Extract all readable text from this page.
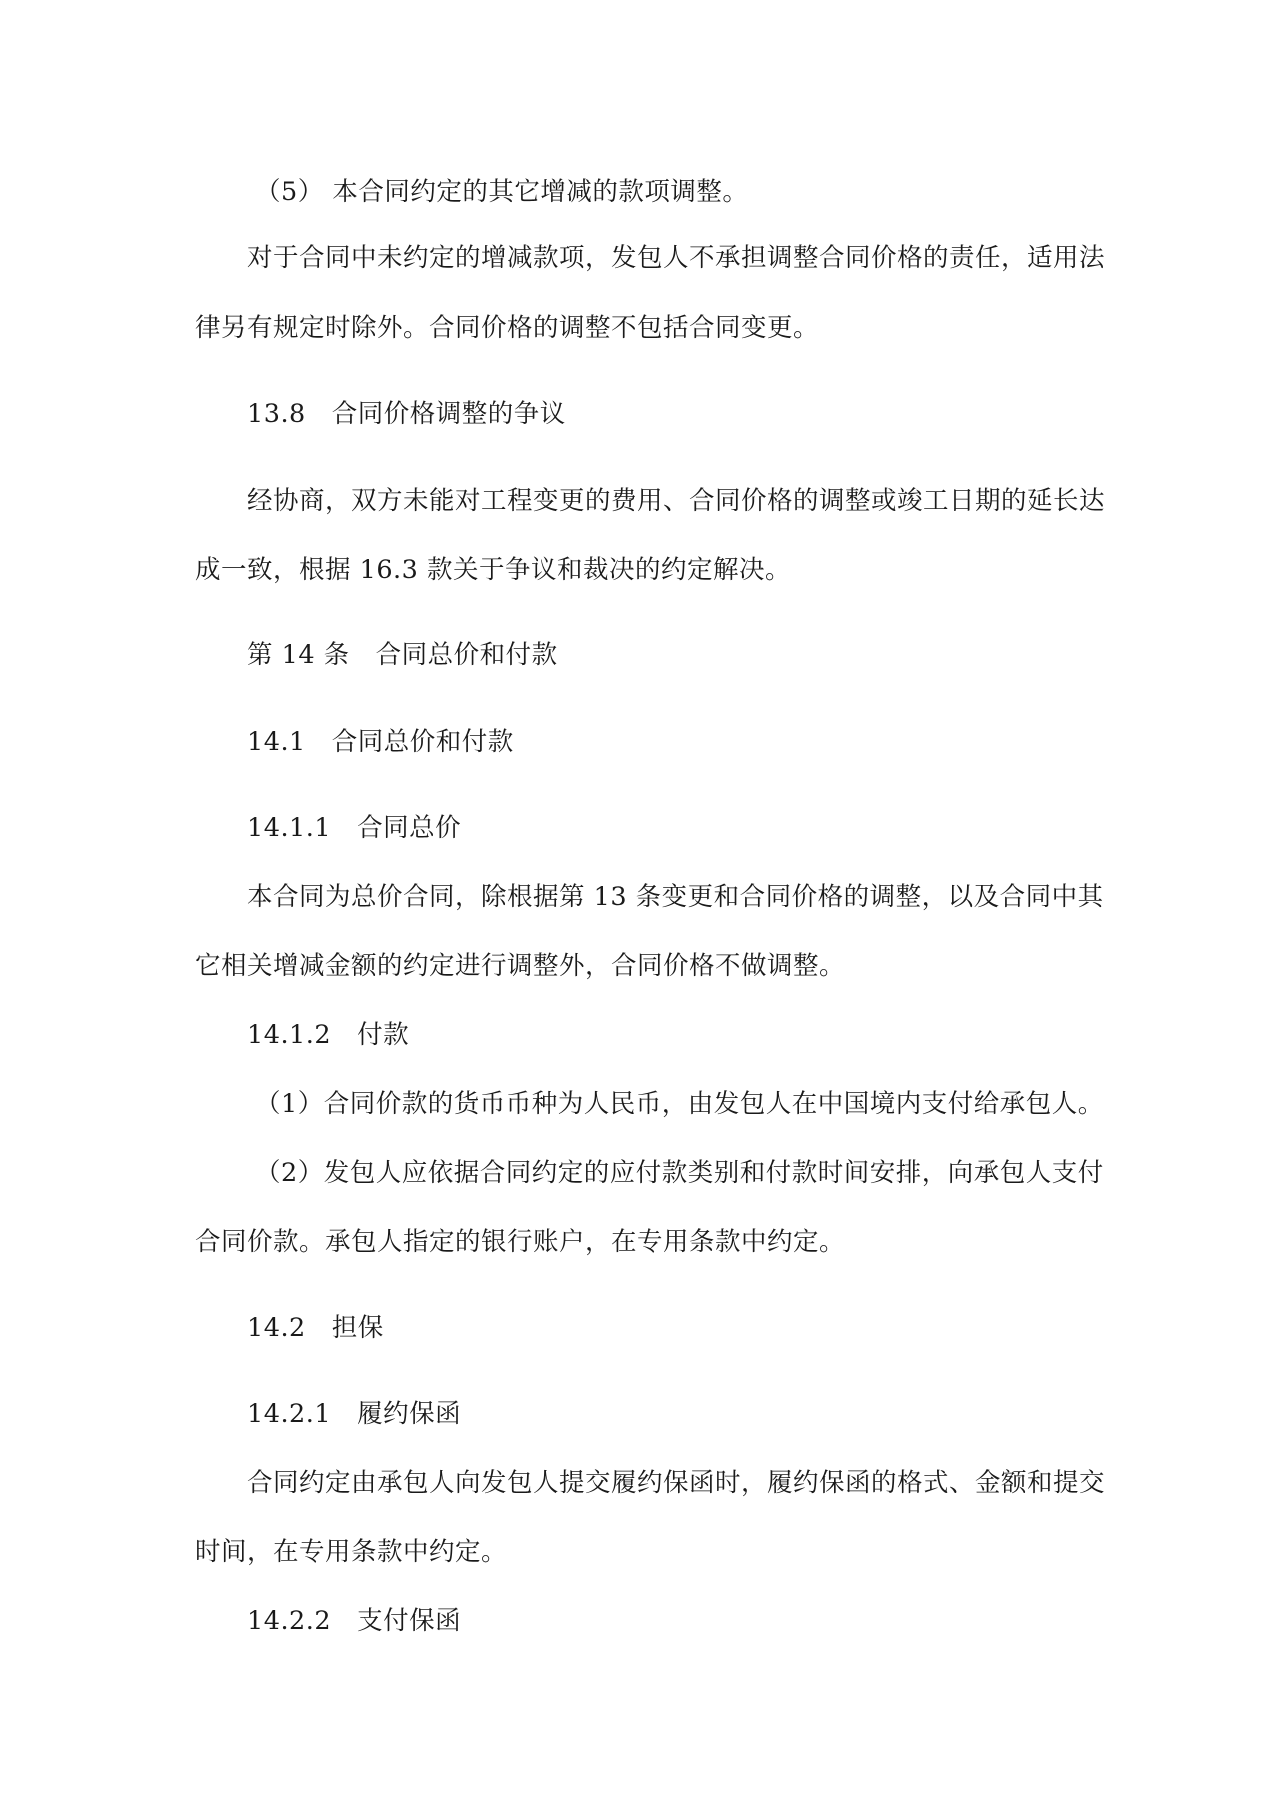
（5） 本合同约定的其它增减的款项调整。
对于合同中未约定的增减款项，发包人不承担调整合同价格的责任，适用法
律另有规定时除外。合同价格的调整不包括合同变更。
13.8　合同价格调整的争议
经协商，双方未能对工程变更的费用、合同价格的调整或竣工日期的延长达
成一致，根据 16.3 款关于争议和裁决的约定解决。
第 14 条　合同总价和付款
14.1　合同总价和付款
14.1.1　合同总价
本合同为总价合同，除根据第 13 条变更和合同价格的调整，以及合同中其
它相关增减金额的约定进行调整外，合同价格不做调整。
14.1.2　付款
（1）合同价款的货币币种为人民币，由发包人在中国境内支付给承包人。
（2）发包人应依据合同约定的应付款类别和付款时间安排，向承包人支付
合同价款。承包人指定的银行账户，在专用条款中约定。
14.2　担保
14.2.1　履约保函
合同约定由承包人向发包人提交履约保函时，履约保函的格式、金额和提交
时间，在专用条款中约定。
14.2.2　支付保函
